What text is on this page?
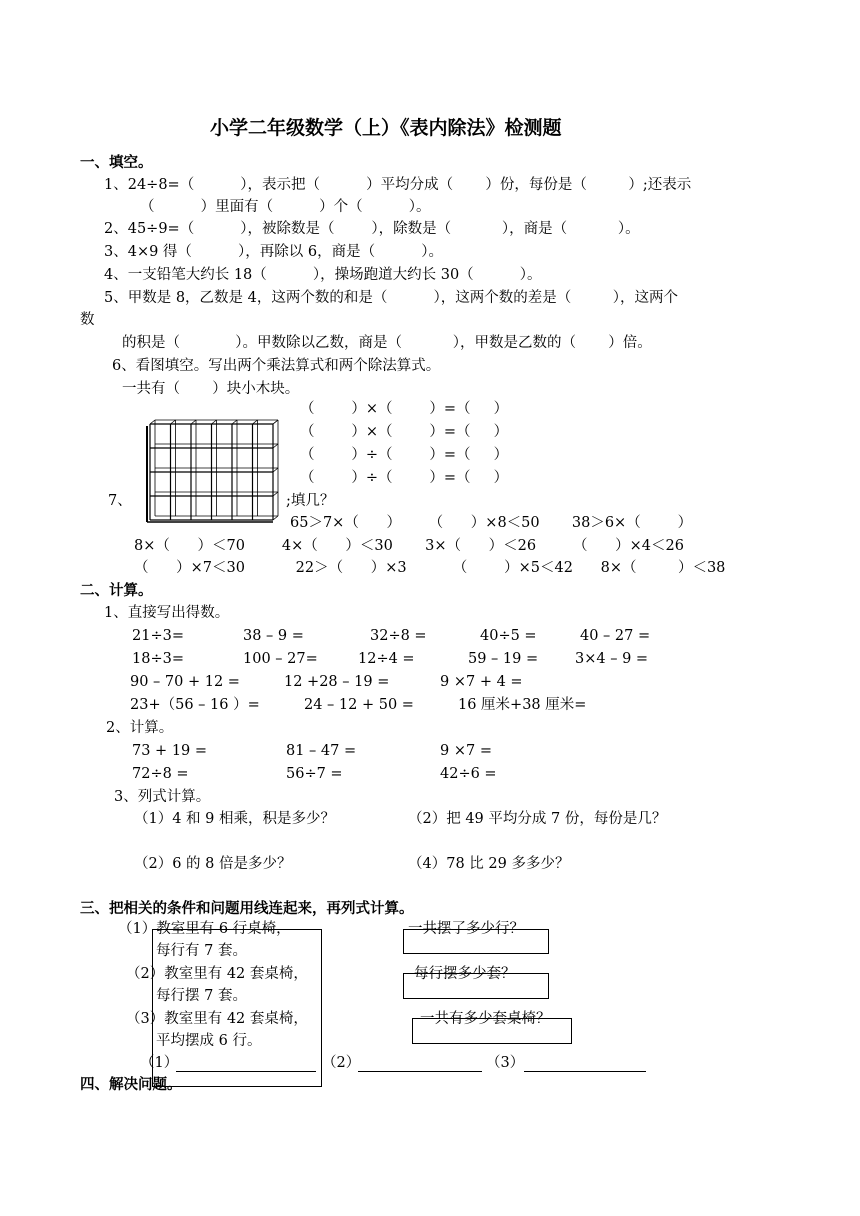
小学二年级数学（上）《表内除法》检测题
一、填空。
1、24÷8=（          ），表示把（          ）平均分成（       ）份，每份是（         ）;还表示
（          ）里面有（          ）个（          ）。
2、45÷9=（          ），被除数是（        ），除数是（           ），商是（           ）。
3、4×9 得（          ），再除以 6，商是（          ）。
4、一支铅笔大约长 18（          ），操场跑道大约长 30（          ）。
5、甲数是 8，乙数是 4，这两个数的和是（          ），这两个数的差是（         ），这两个
数
的积是（            ）。甲数除以乙数，商是（           ），甲数是乙数的（       ）倍。
6、看图填空。写出两个乘法算式和两个除法算式。
一共有（       ）块小木块。
（        ）×（        ）=（     ）
（        ）×（        ）=（     ）
（        ）÷（        ）=（     ）
（        ）÷（        ）=（     ）
7、	;填几？
65＞7×（      ）      （      ）×8＜50       38＞6×（        ）
8×（      ）＜70        4×（      ）＜30       3×（      ）＜26        （      ）×4＜26
（      ）×7＜30           22＞（      ）×3          （        ）×5＜42      8×（         ）＜38
二、计算。
1、直接写出得数。
21÷3=	38 – 9 =	32÷8 =	40÷5 =	40 – 27 =
18÷3=	100 – 27=	12÷4 =	59 – 19 =	3×4 – 9 =
90 – 70 + 12 =	12 +28 – 19 =	9 ×7 + 4 =
23+（56 – 16 ）=	24 – 12 + 50 =	16 厘米+38 厘米=
2、计算。
73 + 19 =	81 – 47 =	9 ×7 =
72÷8 =	56÷7 =	42÷6 =
3、列式计算。
（1）4 和 9 相乘，积是多少？	（2）把 49 平均分成 7 份，每份是几？
（2）6 的 8 倍是多少？	（4）78 比 29 多多少？
三、把相关的条件和问题用线连起来，再列式计算。
（1）教室里有 6 行桌椅，
每行有 7 套。
（2）教室里有 42 套桌椅，
每行摆 7 套。
（3）教室里有 42 套桌椅，
平均摆成 6 行。
一共摆了多少行？
每行摆多少套？
一共有多少套桌椅？
（1）	（2）	（3）
四、解决问题。
